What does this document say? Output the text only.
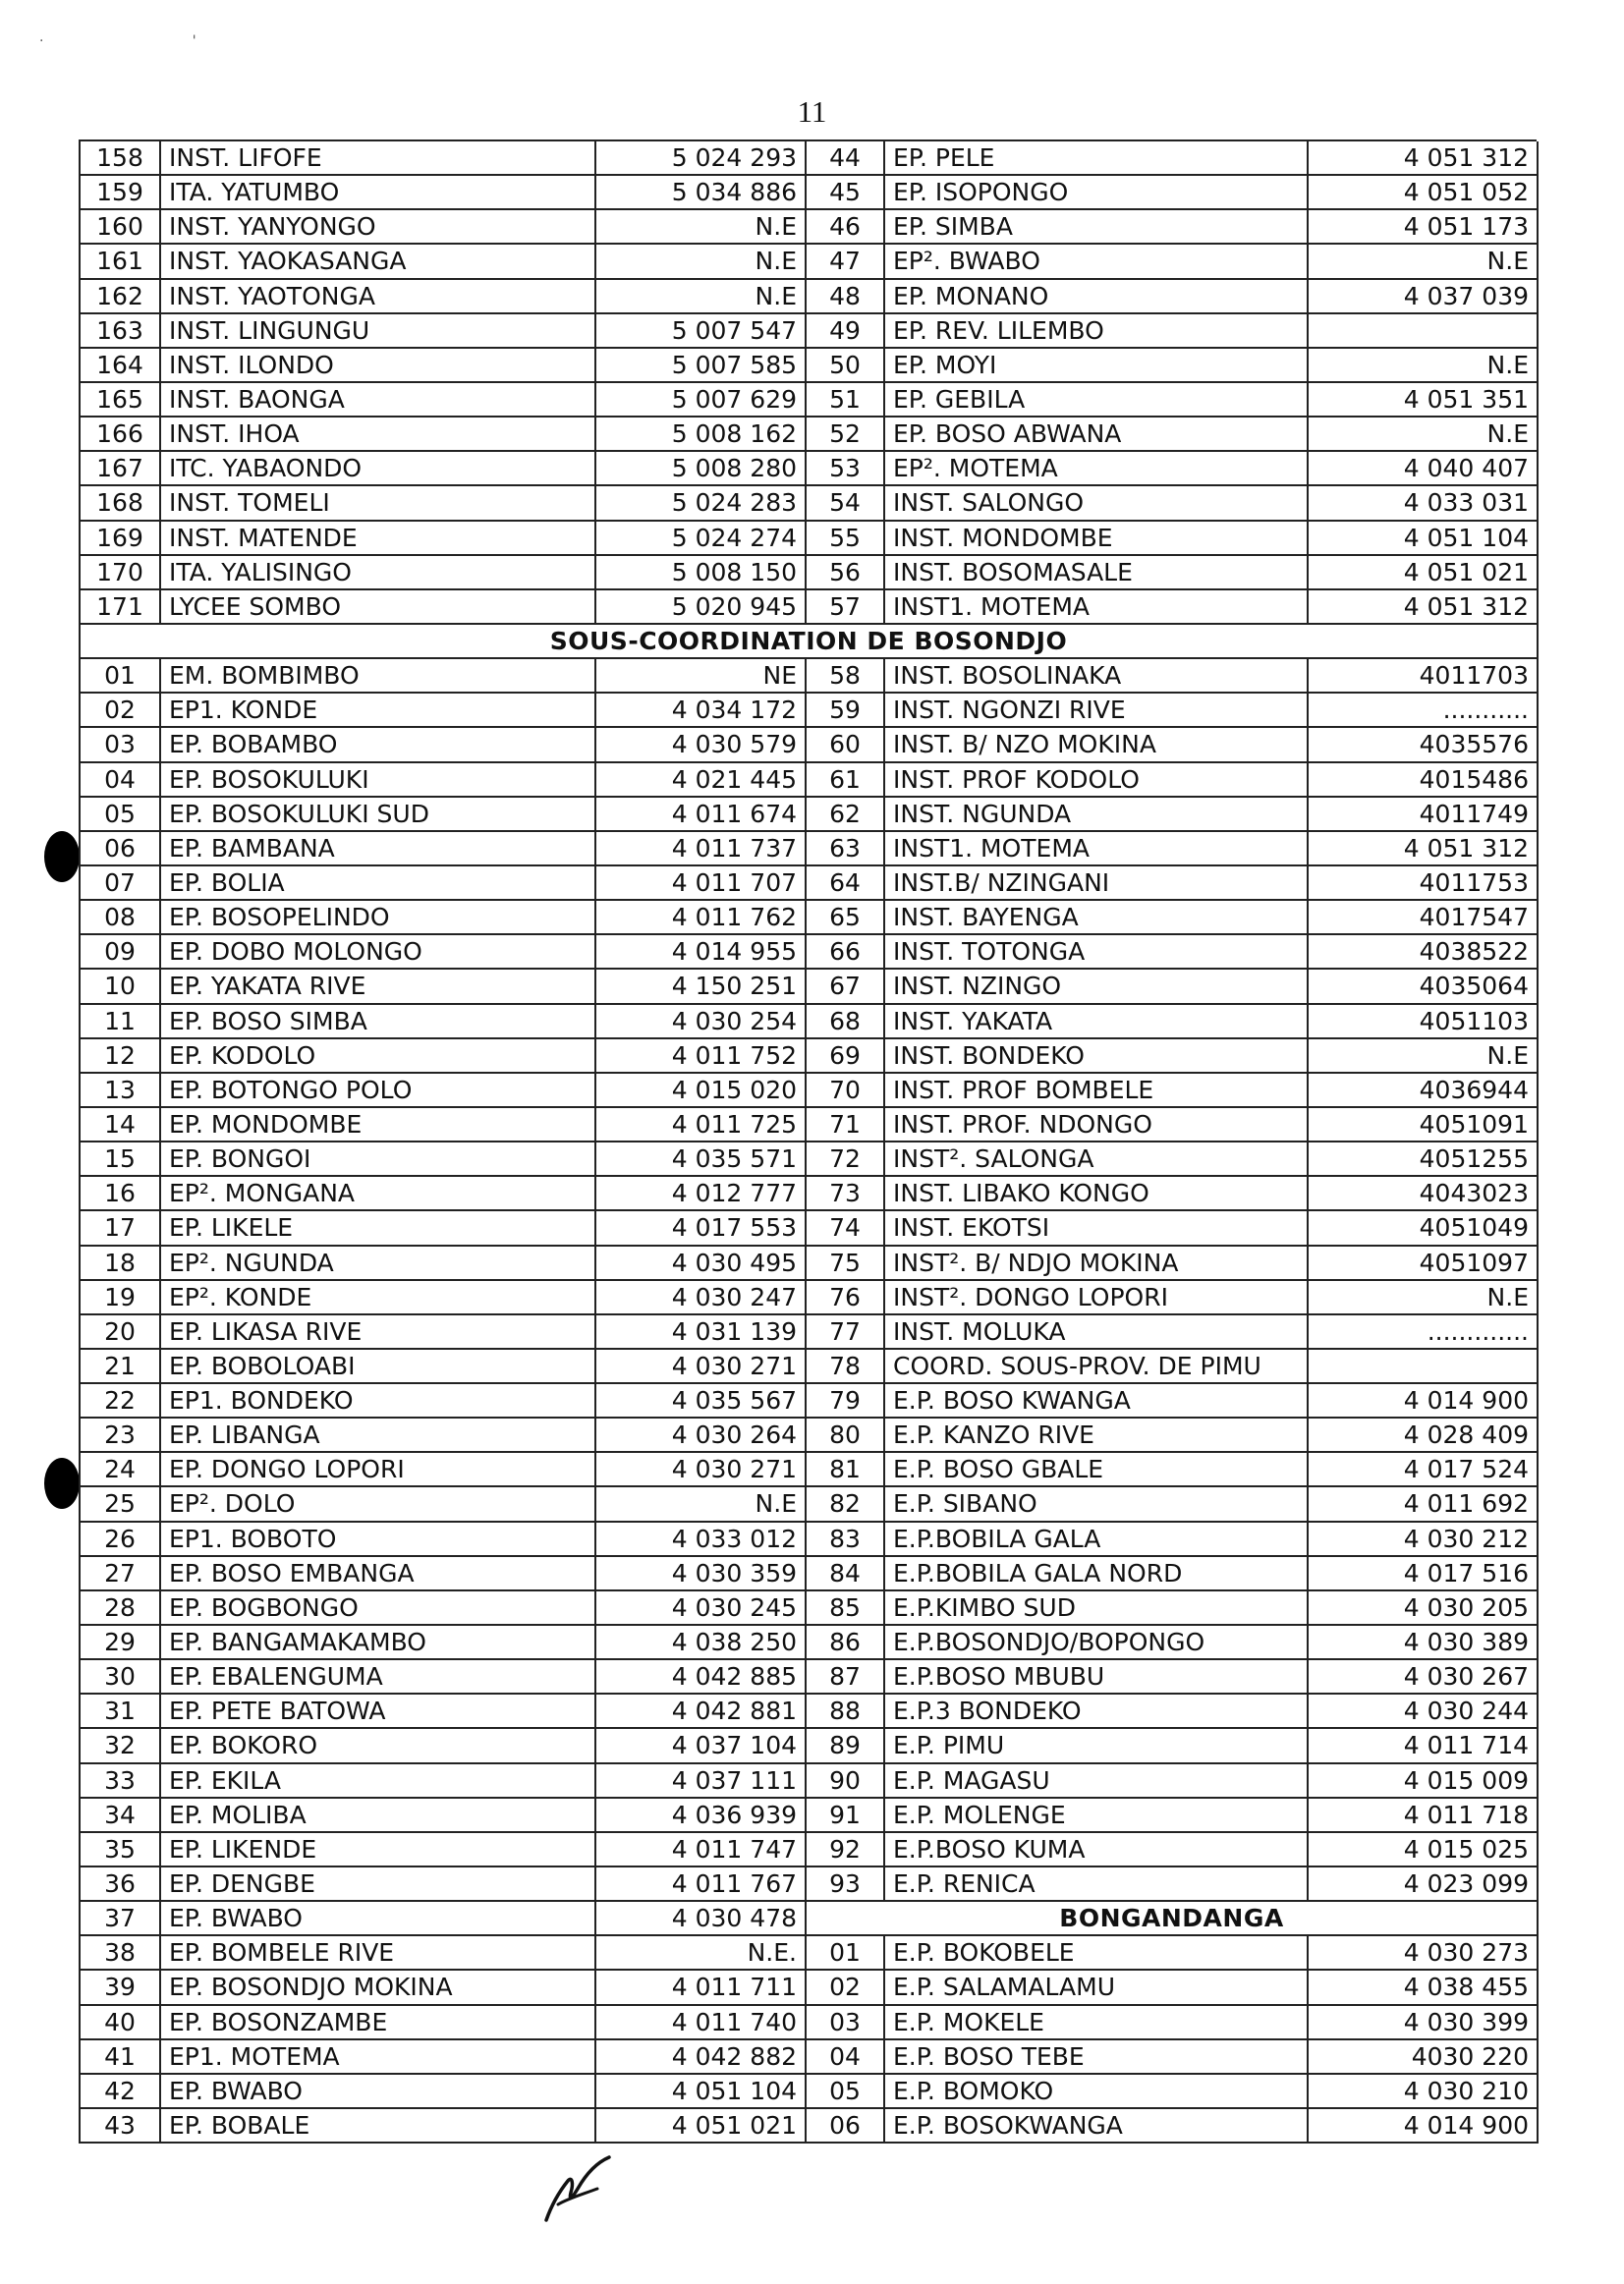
·                                  '
11
158	INST. LIFOFE	5 024 293	44	EP. PELE	4 051 312
159	ITA. YATUMBO	5 034 886	45	EP. ISOPONGO	4 051 052
160	INST. YANYONGO	N.E	46	EP. SIMBA	4 051 173
161	INST. YAOKASANGA	N.E	47	EP². BWABO	N.E
162	INST. YAOTONGA	N.E	48	EP. MONANO	4 037 039
163	INST. LINGUNGU	5 007 547	49	EP. REV. LILEMBO
164	INST. ILONDO	5 007 585	50	EP. MOYI	N.E
165	INST. BAONGA	5 007 629	51	EP. GEBILA	4 051 351
166	INST. IHOA	5 008 162	52	EP. BOSO ABWANA	N.E
167	ITC. YABAONDO	5 008 280	53	EP². MOTEMA	4 040 407
168	INST. TOMELI	5 024 283	54	INST. SALONGO	4 033 031
169	INST. MATENDE	5 024 274	55	INST. MONDOMBE	4 051 104
170	ITA. YALISINGO	5 008 150	56	INST. BOSOMASALE	4 051 021
171	LYCEE SOMBO	5 020 945	57	INST1. MOTEMA	4 051 312
SOUS-COORDINATION DE BOSONDJO
01	EM. BOMBIMBO	NE	58	INST. BOSOLINAKA	4011703
02	EP1. KONDE	4 034 172	59	INST. NGONZI RIVE	...........
03	EP. BOBAMBO	4 030 579	60	INST. B/ NZO MOKINA	4035576
04	EP. BOSOKULUKI	4 021 445	61	INST. PROF KODOLO	4015486
05	EP. BOSOKULUKI SUD	4 011 674	62	INST. NGUNDA	4011749
06	EP. BAMBANA	4 011 737	63	INST1. MOTEMA	4 051 312
07	EP. BOLIA	4 011 707	64	INST.B/ NZINGANI	4011753
08	EP. BOSOPELINDO	4 011 762	65	INST. BAYENGA	4017547
09	EP. DOBO MOLONGO	4 014 955	66	INST. TOTONGA	4038522
10	EP. YAKATA RIVE	4 150 251	67	INST. NZINGO	4035064
11	EP. BOSO SIMBA	4 030 254	68	INST. YAKATA	4051103
12	EP. KODOLO	4 011 752	69	INST. BONDEKO	N.E
13	EP. BOTONGO POLO	4 015 020	70	INST. PROF BOMBELE	4036944
14	EP. MONDOMBE	4 011 725	71	INST. PROF. NDONGO	4051091
15	EP. BONGOI	4 035 571	72	INST². SALONGA	4051255
16	EP². MONGANA	4 012 777	73	INST. LIBAKO KONGO	4043023
17	EP. LIKELE	4 017 553	74	INST. EKOTSI	4051049
18	EP². NGUNDA	4 030 495	75	INST². B/ NDJO MOKINA	4051097
19	EP². KONDE	4 030 247	76	INST². DONGO LOPORI	N.E
20	EP. LIKASA RIVE	4 031 139	77	INST. MOLUKA	.............
21	EP. BOBOLOABI	4 030 271	78	COORD. SOUS-PROV. DE PIMU
22	EP1. BONDEKO	4 035 567	79	E.P. BOSO KWANGA	4 014 900
23	EP. LIBANGA	4 030 264	80	E.P. KANZO RIVE	4 028 409
24	EP. DONGO LOPORI	4 030 271	81	E.P. BOSO GBALE	4 017 524
25	EP². DOLO	N.E	82	E.P. SIBANO	4 011 692
26	EP1. BOBOTO	4 033 012	83	E.P.BOBILA GALA	4 030 212
27	EP. BOSO EMBANGA	4 030 359	84	E.P.BOBILA GALA NORD	4 017 516
28	EP. BOGBONGO	4 030 245	85	E.P.KIMBO SUD	4 030 205
29	EP. BANGAMAKAMBO	4 038 250	86	E.P.BOSONDJO/BOPONGO	4 030 389
30	EP. EBALENGUMA	4 042 885	87	E.P.BOSO MBUBU	4 030 267
31	EP. PETE BATOWA	4 042 881	88	E.P.3 BONDEKO	4 030 244
32	EP. BOKORO	4 037 104	89	E.P. PIMU	4 011 714
33	EP. EKILA	4 037 111	90	E.P. MAGASU	4 015 009
34	EP. MOLIBA	4 036 939	91	E.P. MOLENGE	4 011 718
35	EP. LIKENDE	4 011 747	92	E.P.BOSO KUMA	4 015 025
36	EP. DENGBE	4 011 767	93	E.P. RENICA	4 023 099
37	EP. BWABO	4 030 478	BONGANDANGA
38	EP. BOMBELE RIVE	N.E.	01	E.P. BOKOBELE	4 030 273
39	EP. BOSONDJO MOKINA	4 011 711	02	E.P. SALAMALAMU	4 038 455
40	EP. BOSONZAMBE	4 011 740	03	E.P. MOKELE	4 030 399
41	EP1. MOTEMA	4 042 882	04	E.P. BOSO TEBE	4030 220
42	EP. BWABO	4 051 104	05	E.P. BOMOKO	4 030 210
43	EP. BOBALE	4 051 021	06	E.P. BOSOKWANGA	4 014 900
